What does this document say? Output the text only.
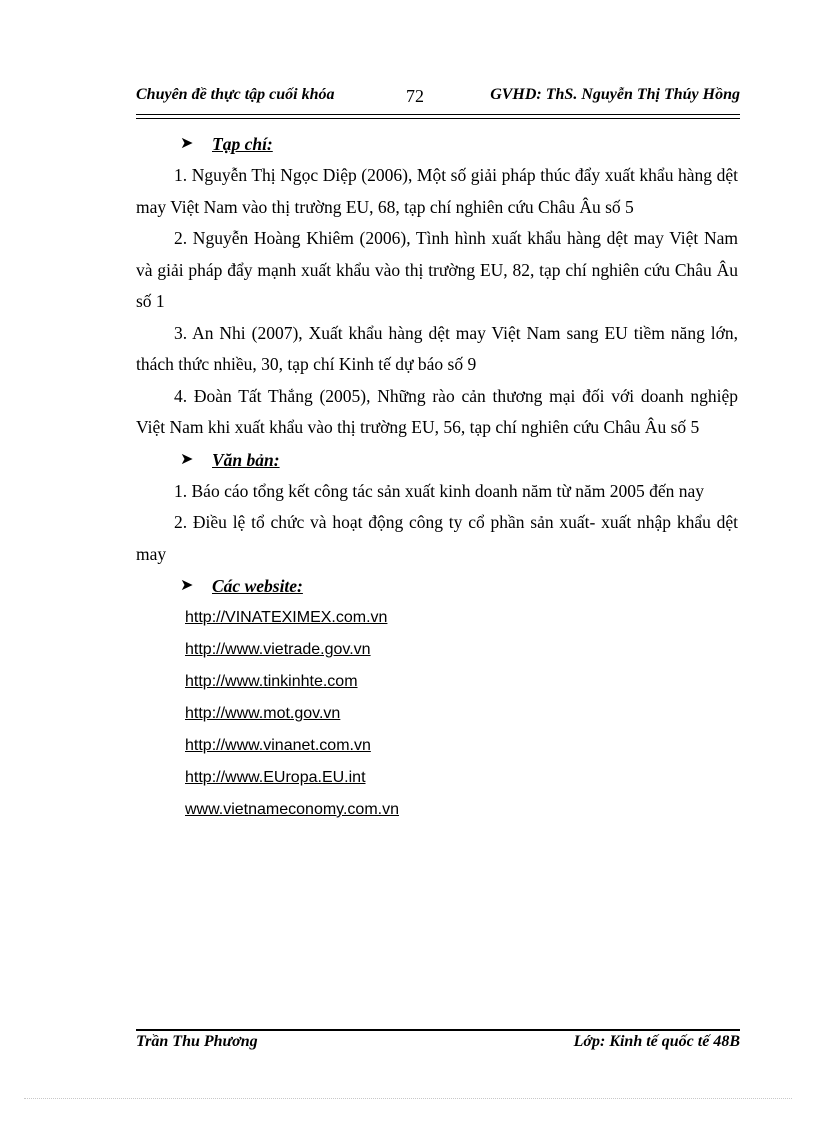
Chuyên đề thực tập cuối khóa	72	GVHD: ThS. Nguyễn Thị Thúy Hồng
➤ Tạp chí:
1. Nguyễn Thị Ngọc Diệp (2006), Một số giải pháp thúc đẩy xuất khẩu hàng dệt may Việt Nam vào thị trường EU, 68, tạp chí nghiên cứu Châu Âu số 5
2. Nguyễn Hoàng Khiêm (2006), Tình hình xuất khẩu hàng dệt may Việt Nam và giải pháp đẩy mạnh xuất khẩu vào thị trường EU, 82, tạp chí nghiên cứu Châu Âu số 1
3. An Nhi (2007), Xuất khẩu hàng dệt may Việt Nam sang EU tiềm năng lớn, thách thức nhiều, 30, tạp chí Kinh tế dự báo số 9
4. Đoàn Tất Thắng (2005), Những rào cản thương mại đối với doanh nghiệp Việt Nam khi xuất khẩu vào thị trường EU, 56, tạp chí nghiên cứu Châu Âu số 5
➤ Văn bản:
1. Báo cáo tổng kết công tác sản xuất kinh doanh năm từ năm 2005 đến nay
2. Điều lệ tổ chức và hoạt động công ty cổ phần sản xuất- xuất nhập khẩu dệt may
➤ Các website:
http://VINATEXIMEX.com.vn
http://www.vietrade.gov.vn
http://www.tinkinhte.com
http://www.mot.gov.vn
http://www.vinanet.com.vn
http://www.EUropa.EU.int
www.vietnameconomy.com.vn
Trần Thu Phương	Lớp: Kinh tế quốc tế 48B
